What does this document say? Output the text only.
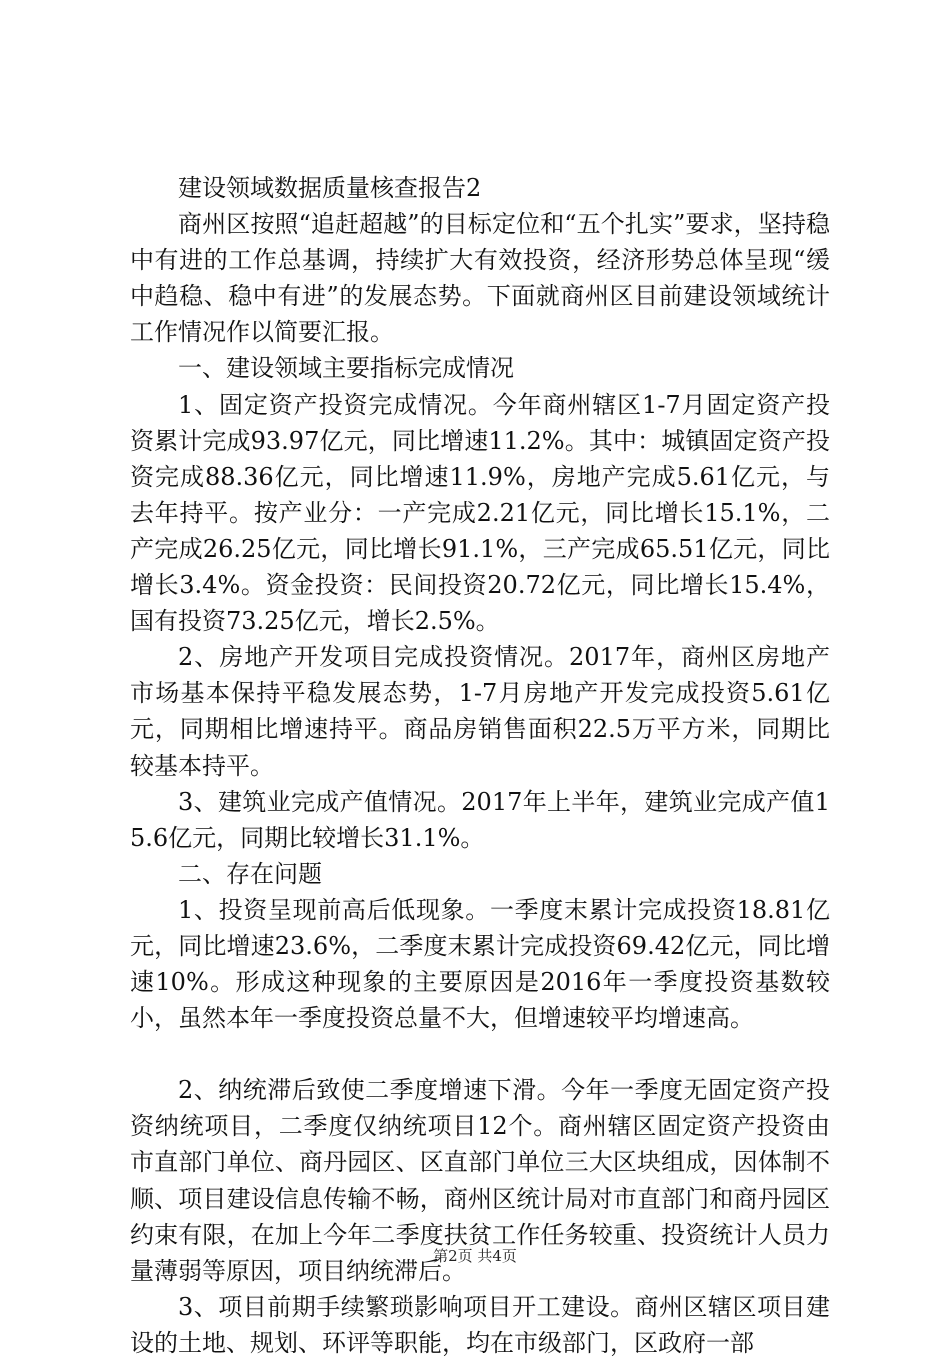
建设领域数据质量核查报告2

商州区按照“追赶超越”的目标定位和“五个扎实”要求，坚持稳中有进的工作总基调，持续扩大有效投资，经济形势总体呈现“缓中趋稳、稳中有进”的发展态势。下面就商州区目前建设领域统计工作情况作以简要汇报。

一、建设领域主要指标完成情况

1、固定资产投资完成情况。今年商州辖区1-7月固定资产投资累计完成93.97亿元，同比增速11.2%。其中：城镇固定资产投资完成88.36亿元，同比增速11.9%，房地产完成5.61亿元，与去年持平。按产业分：一产完成2.21亿元，同比增长15.1%，二产完成26.25亿元，同比增长91.1%，三产完成65.51亿元，同比增长3.4%。资金投资：民间投资20.72亿元，同比增长15.4%，国有投资73.25亿元，增长2.5%。

2、房地产开发项目完成投资情况。2017年，商州区房地产市场基本保持平稳发展态势，1-7月房地产开发完成投资5.61亿元，同期相比增速持平。商品房销售面积22.5万平方米，同期比较基本持平。

3、建筑业完成产值情况。2017年上半年，建筑业完成产值15.6亿元，同期比较增长31.1%。

二、存在问题

1、投资呈现前高后低现象。一季度末累计完成投资18.81亿元，同比增速23.6%，二季度末累计完成投资69.42亿元，同比增速10%。形成这种现象的主要原因是2016年一季度投资基数较小，虽然本年一季度投资总量不大，但增速较平均增速高。

2、纳统滞后致使二季度增速下滑。今年一季度无固定资产投资纳统项目，二季度仅纳统项目12个。商州辖区固定资产投资由市直部门单位、商丹园区、区直部门单位三大区块组成，因体制不顺、项目建设信息传输不畅，商州区统计局对市直部门和商丹园区约束有限，在加上今年二季度扶贫工作任务较重、投资统计人员力量薄弱等原因，项目纳统滞后。

3、项目前期手续繁琐影响项目开工建设。商州区辖区项目建设的土地、规划、环评等职能，均在市级部门，区政府一部

第2页 共4页
